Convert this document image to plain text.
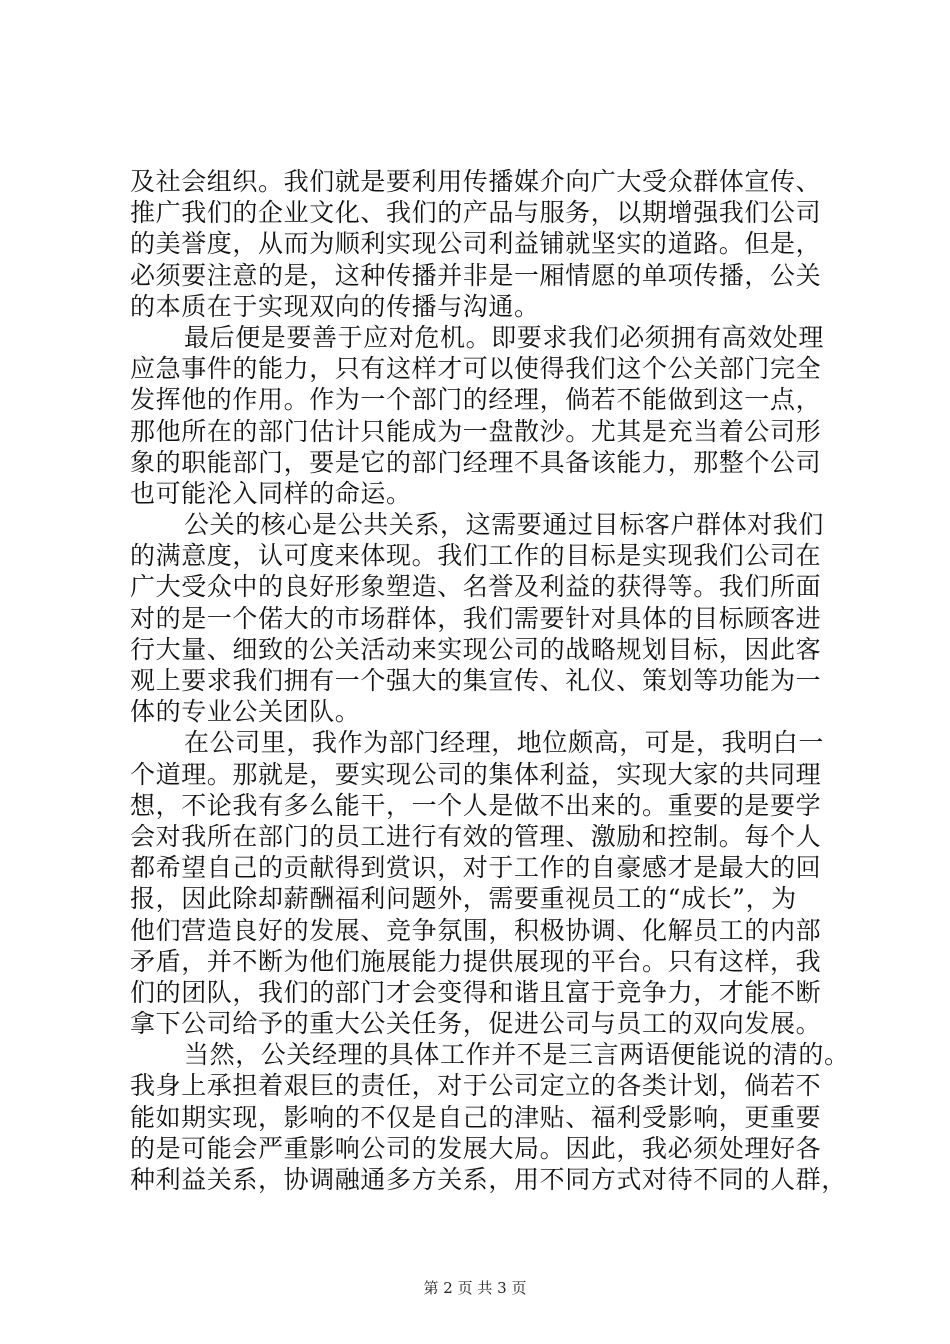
及社会组织。我们就是要利用传播媒介向广大受众群体宣传、
推广我们的企业文化、我们的产品与服务，以期增强我们公司
的美誉度，从而为顺利实现公司利益铺就坚实的道路。但是，
必须要注意的是，这种传播并非是一厢情愿的单项传播，公关
的本质在于实现双向的传播与沟通。
最后便是要善于应对危机。即要求我们必须拥有高效处理
应急事件的能力，只有这样才可以使得我们这个公关部门完全
发挥他的作用。作为一个部门的经理，倘若不能做到这一点，
那他所在的部门估计只能成为一盘散沙。尤其是充当着公司形
象的职能部门，要是它的部门经理不具备该能力，那整个公司
也可能沦入同样的命运。
公关的核心是公共关系，这需要通过目标客户群体对我们
的满意度，认可度来体现。我们工作的目标是实现我们公司在
广大受众中的良好形象塑造、名誉及利益的获得等。我们所面
对的是一个偌大的市场群体，我们需要针对具体的目标顾客进
行大量、细致的公关活动来实现公司的战略规划目标，因此客
观上要求我们拥有一个强大的集宣传、礼仪、策划等功能为一
体的专业公关团队。
在公司里，我作为部门经理，地位颇高，可是，我明白一
个道理。那就是，要实现公司的集体利益，实现大家的共同理
想，不论我有多么能干，一个人是做不出来的。重要的是要学
会对我所在部门的员工进行有效的管理、激励和控制。每个人
都希望自己的贡献得到赏识，对于工作的自豪感才是最大的回
报，因此除却薪酬福利问题外，需要重视员工的“成长”，为
他们营造良好的发展、竞争氛围，积极协调、化解员工的内部
矛盾，并不断为他们施展能力提供展现的平台。只有这样，我
们的团队，我们的部门才会变得和谐且富于竞争力，才能不断
拿下公司给予的重大公关任务，促进公司与员工的双向发展。
当然，公关经理的具体工作并不是三言两语便能说的清的。
我身上承担着艰巨的责任，对于公司定立的各类计划，倘若不
能如期实现，影响的不仅是自己的津贴、福利受影响，更重要
的是可能会严重影响公司的发展大局。因此，我必须处理好各
种利益关系，协调融通多方关系，用不同方式对待不同的人群，
第 2 页 共 3 页
